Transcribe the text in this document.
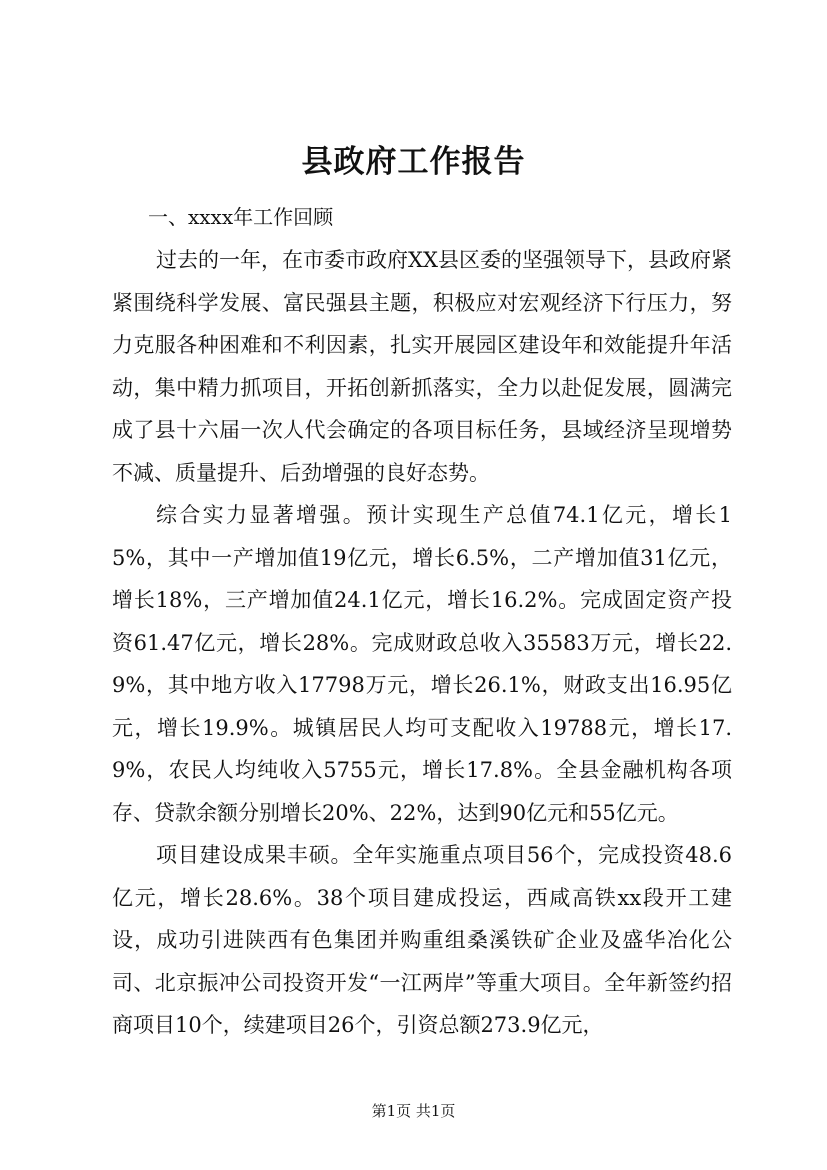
县政府工作报告
一、xxxx年工作回顾

过去的一年，在市委市政府XX县区委的坚强领导下，县政府紧紧围绕科学发展、富民强县主题，积极应对宏观经济下行压力，努力克服各种困难和不利因素，扎实开展园区建设年和效能提升年活动，集中精力抓项目，开拓创新抓落实，全力以赴促发展，圆满完成了县十六届一次人代会确定的各项目标任务，县域经济呈现增势不减、质量提升、后劲增强的良好态势。

综合实力显著增强。预计实现生产总值74.1亿元，增长15%，其中一产增加值19亿元，增长6.5%，二产增加值31亿元，增长18%，三产增加值24.1亿元，增长16.2%。完成固定资产投资61.47亿元，增长28%。完成财政总收入35583万元，增长22.9%，其中地方收入17798万元，增长26.1%，财政支出16.95亿元，增长19.9%。城镇居民人均可支配收入19788元，增长17.9%，农民人均纯收入5755元，增长17.8%。全县金融机构各项存、贷款余额分别增长20%、22%，达到90亿元和55亿元。

项目建设成果丰硕。全年实施重点项目56个，完成投资48.6亿元，增长28.6%。38个项目建成投运，西咸高铁xx段开工建设，成功引进陕西有色集团并购重组桑溪铁矿企业及盛华冶化公司、北京振冲公司投资开发“一江两岸”等重大项目。全年新签约招商项目10个，续建项目26个，引资总额273.9亿元，

第1页 共1页
